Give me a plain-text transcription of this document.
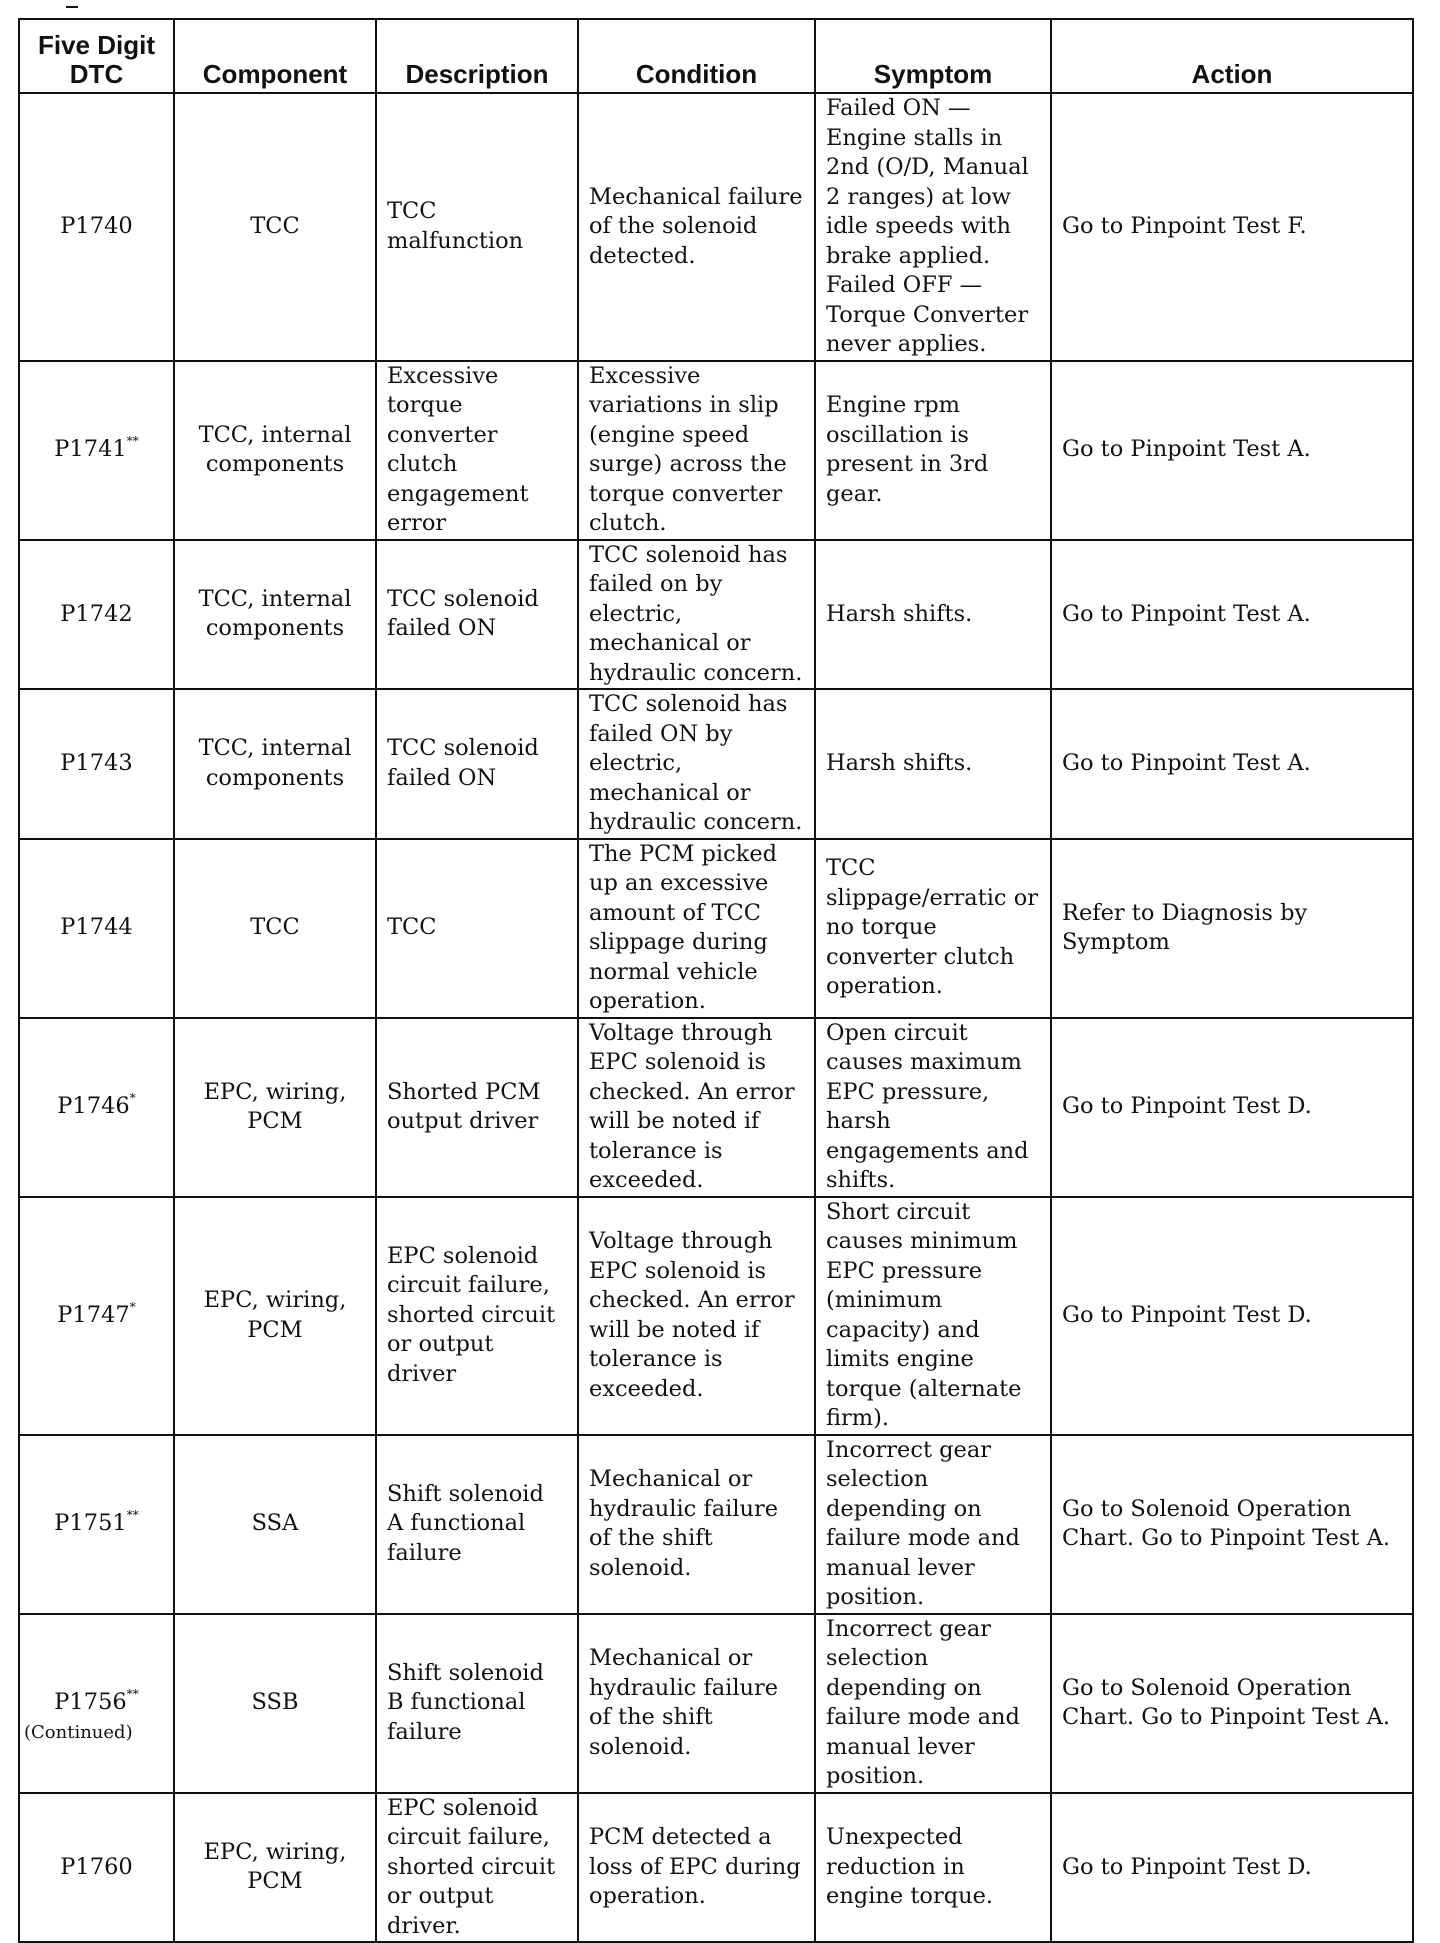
Five Digit DTC	Component	Description	Condition	Symptom	Action
P1740	TCC	TCC malfunction	Mechanical failure of the solenoid detected.	Failed ON — Engine stalls in 2nd (O/D, Manual 2 ranges) at low idle speeds with brake applied. Failed OFF — Torque Converter never applies.	Go to Pinpoint Test F.
P1741**	TCC, internal components	Excessive torque converter clutch engagement error	Excessive variations in slip (engine speed surge) across the torque converter clutch.	Engine rpm oscillation is present in 3rd gear.	Go to Pinpoint Test A.
P1742	TCC, internal components	TCC solenoid failed ON	TCC solenoid has failed on by electric, mechanical or hydraulic concern.	Harsh shifts.	Go to Pinpoint Test A.
P1743	TCC, internal components	TCC solenoid failed ON	TCC solenoid has failed ON by electric, mechanical or hydraulic concern.	Harsh shifts.	Go to Pinpoint Test A.
P1744	TCC	TCC	The PCM picked up an excessive amount of TCC slippage during normal vehicle operation.	TCC slippage/erratic or no torque converter clutch operation.	Refer to Diagnosis by Symptom
P1746*	EPC, wiring, PCM	Shorted PCM output driver	Voltage through EPC solenoid is checked. An error will be noted if tolerance is exceeded.	Open circuit causes maximum EPC pressure, harsh engagements and shifts.	Go to Pinpoint Test D.
P1747*	EPC, wiring, PCM	EPC solenoid circuit failure, shorted circuit or output driver	Voltage through EPC solenoid is checked. An error will be noted if tolerance is exceeded.	Short circuit causes minimum EPC pressure (minimum capacity) and limits engine torque (alternate firm).	Go to Pinpoint Test D.
P1751**	SSA	Shift solenoid A functional failure	Mechanical or hydraulic failure of the shift solenoid.	Incorrect gear selection depending on failure mode and manual lever position.	Go to Solenoid Operation Chart. Go to Pinpoint Test A.
P1756**	SSB	Shift solenoid B functional failure	Mechanical or hydraulic failure of the shift solenoid.	Incorrect gear selection depending on failure mode and manual lever position.	Go to Solenoid Operation Chart. Go to Pinpoint Test A.
P1760	EPC, wiring, PCM	EPC solenoid circuit failure, shorted circuit or output driver.	PCM detected a loss of EPC during operation.	Unexpected reduction in engine torque.	Go to Pinpoint Test D.
(Continued)
